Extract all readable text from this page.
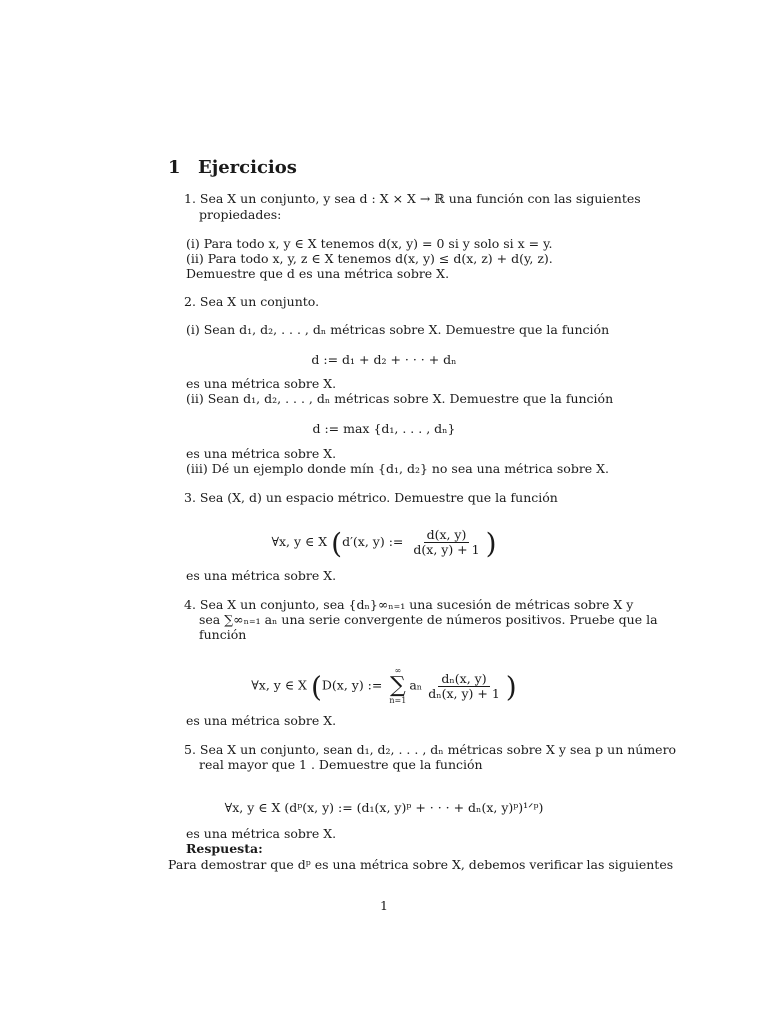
1 Ejercicios
1. Sea X un conjunto, y sea d : X × X → ℝ una función con las siguientes
propiedades:
(i) Para todo x, y ∈ X tenemos d(x, y) = 0 si y solo si x = y.
(ii) Para todo x, y, z ∈ X tenemos d(x, y) ≤ d(x, z) + d(y, z).
Demuestre que d es una métrica sobre X.
2. Sea X un conjunto.
(i) Sean d₁, d₂, . . . , dₙ métricas sobre X. Demuestre que la función
d := d₁ + d₂ + · · · + dₙ
es una métrica sobre X.
(ii) Sean d₁, d₂, . . . , dₙ métricas sobre X. Demuestre que la función
d := max {d₁, . . . , dₙ}
es una métrica sobre X.
(iii) Dé un ejemplo donde mín {d₁, d₂} no sea una métrica sobre X.
3. Sea (X, d) un espacio métrico. Demuestre que la función
∀x, y ∈ X (d′(x, y) := $\frac{d(x, y)}{d(x, y) + 1}$ )
es una métrica sobre X.
4. Sea X un conjunto, sea {dₙ}∞ₙ₌₁ una sucesión de métricas sobre X y
sea ∑∞ₙ₌₁ aₙ una serie convergente de números positivos. Pruebe que la
función
∀x, y ∈ X (D(x, y) :=
∞
∑
n=1
aₙ $\frac{\text{dₙ(x, y)}}{\text{dₙ(x, y) + 1}}$ )
es una métrica sobre X.
5. Sea X un conjunto, sean d₁, d₂, . . . , dₙ métricas sobre X y sea p un número
real mayor que 1 . Demuestre que la función
∀x, y ∈ X (dᵖ(x, y) := (d₁(x, y)ᵖ + · · · + dₙ(x, y)ᵖ)¹ᐟᵖ)
es una métrica sobre X.
Respuesta:
Para demostrar que dᵖ es una métrica sobre X, debemos verificar las siguientes
1
